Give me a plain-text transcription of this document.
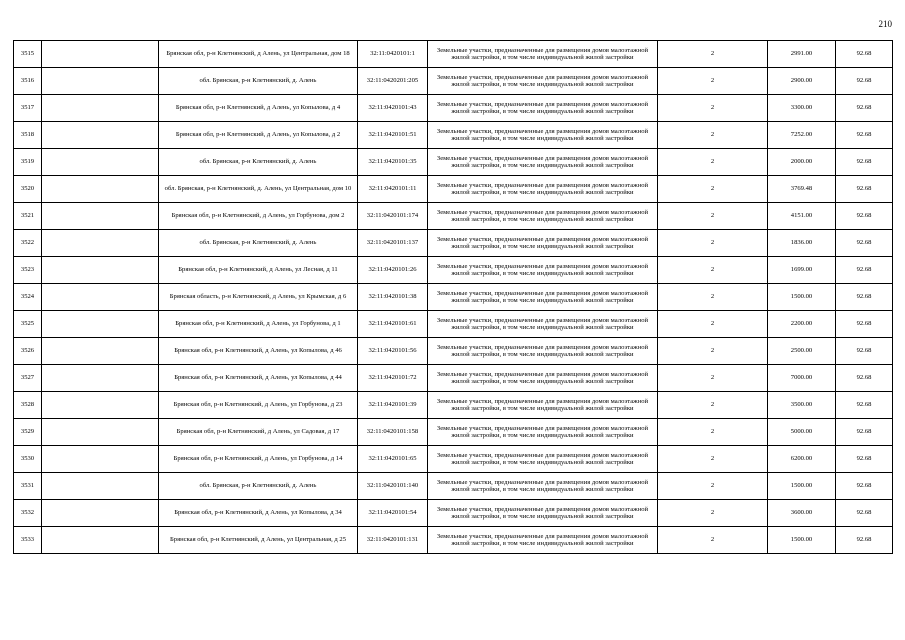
210
3515		Брянская обл, р-н Клетнянский, д Алень, ул Центральная, дом 18	32:11:0420101:1	Земельные участки, предназначенные для размещения домов малоэтажной жилой застройки, в том числе индивидуальной жилой застройки	2	2991.00	92.68	
3516		обл. Брянская, р-н Клетнянский, д. Алень	32:11:0420201:205	Земельные участки, предназначенные для размещения домов малоэтажной жилой застройки, в том числе индивидуальной жилой застройки	2	2900.00	92.68	
3517		Брянская обл, р-н Клетнянский, д Алень, ул Копылова, д 4	32:11:0420101:43	Земельные участки, предназначенные для размещения домов малоэтажной жилой застройки, в том числе индивидуальной жилой застройки	2	3300.00	92.68	
3518		Брянская обл, р-н Клетнянский, д Алень, ул Копылова, д 2	32:11:0420101:51	Земельные участки, предназначенные для размещения домов малоэтажной жилой застройки, в том числе индивидуальной жилой застройки	2	7252.00	92.68	
3519		обл. Брянская, р-н Клетнянский, д. Алень	32:11:0420101:35	Земельные участки, предназначенные для размещения домов малоэтажной жилой застройки, в том числе индивидуальной жилой застройки	2	2000.00	92.68	
3520		обл. Брянская, р-н Клетнянский, д. Алень, ул Центральная, дом 10	32:11:0420101:11	Земельные участки, предназначенные для размещения домов малоэтажной жилой застройки, в том числе индивидуальной жилой застройки	2	3769.48	92.68	
3521		Брянская обл, р-н Клетнянский, д Алень, ул Горбунова, дом 2	32:11:0420101:174	Земельные участки, предназначенные для размещения домов малоэтажной жилой застройки, в том числе индивидуальной жилой застройки	2	4151.00	92.68	
3522		обл. Брянская, р-н Клетнянский, д. Алень	32:11:0420101:137	Земельные участки, предназначенные для размещения домов малоэтажной жилой застройки, в том числе индивидуальной жилой застройки	2	1836.00	92.68	
3523		Брянская обл, р-н Клетнянский, д Алень, ул Лесная, д 11	32:11:0420101:26	Земельные участки, предназначенные для размещения домов малоэтажной жилой застройки, в том числе индивидуальной жилой застройки	2	1699.00	92.68	
3524		Брянская область, р-н Клетнянский, д Алень, ул Крымская, д 6	32:11:0420101:38	Земельные участки, предназначенные для размещения домов малоэтажной жилой застройки, в том числе индивидуальной жилой застройки	2	1500.00	92.68	
3525		Брянская обл, р-н Клетнянский, д Алень, ул Горбунова, д 1	32:11:0420101:61	Земельные участки, предназначенные для размещения домов малоэтажной жилой застройки, в том числе индивидуальной жилой застройки	2	2200.00	92.68	
3526		Брянская обл, р-н Клетнянский, д Алень, ул Копылова, д 46	32:11:0420101:56	Земельные участки, предназначенные для размещения домов малоэтажной жилой застройки, в том числе индивидуальной жилой застройки	2	2500.00	92.68	
3527		Брянская обл, р-н Клетнянский, д Алень, ул Копылова, д 44	32:11:0420101:72	Земельные участки, предназначенные для размещения домов малоэтажной жилой застройки, в том числе индивидуальной жилой застройки	2	7000.00	92.68	
3528		Брянская обл, р-н Клетнянский, д Алень, ул Горбунова, д 23	32:11:0420101:39	Земельные участки, предназначенные для размещения домов малоэтажной жилой застройки, в том числе индивидуальной жилой застройки	2	3500.00	92.68	
3529		Брянская обл, р-н Клетнянский, д Алень, ул Садовая, д 17	32:11:0420101:158	Земельные участки, предназначенные для размещения домов малоэтажной жилой застройки, в том числе индивидуальной жилой застройки	2	5000.00	92.68	
3530		Брянская обл, р-н Клетнянский, д Алень, ул Горбунова, д 14	32:11:0420101:65	Земельные участки, предназначенные для размещения домов малоэтажной жилой застройки, в том числе индивидуальной жилой застройки	2	6200.00	92.68	
3531		обл. Брянская, р-н Клетнянский, д. Алень	32:11:0420101:140	Земельные участки, предназначенные для размещения домов малоэтажной жилой застройки, в том числе индивидуальной жилой застройки	2	1500.00	92.68	
3532		Брянская обл, р-н Клетнянский, д Алень, ул Копылова, д 34	32:11:0420101:54	Земельные участки, предназначенные для размещения домов малоэтажной жилой застройки, в том числе индивидуальной жилой застройки	2	3600.00	92.68	
3533		Брянская обл, р-н Клетнянский, д Алень, ул Центральная, д 25	32:11:0420101:131	Земельные участки, предназначенные для размещения домов малоэтажной жилой застройки, в том числе индивидуальной жилой застройки	2	1500.00	92.68	
